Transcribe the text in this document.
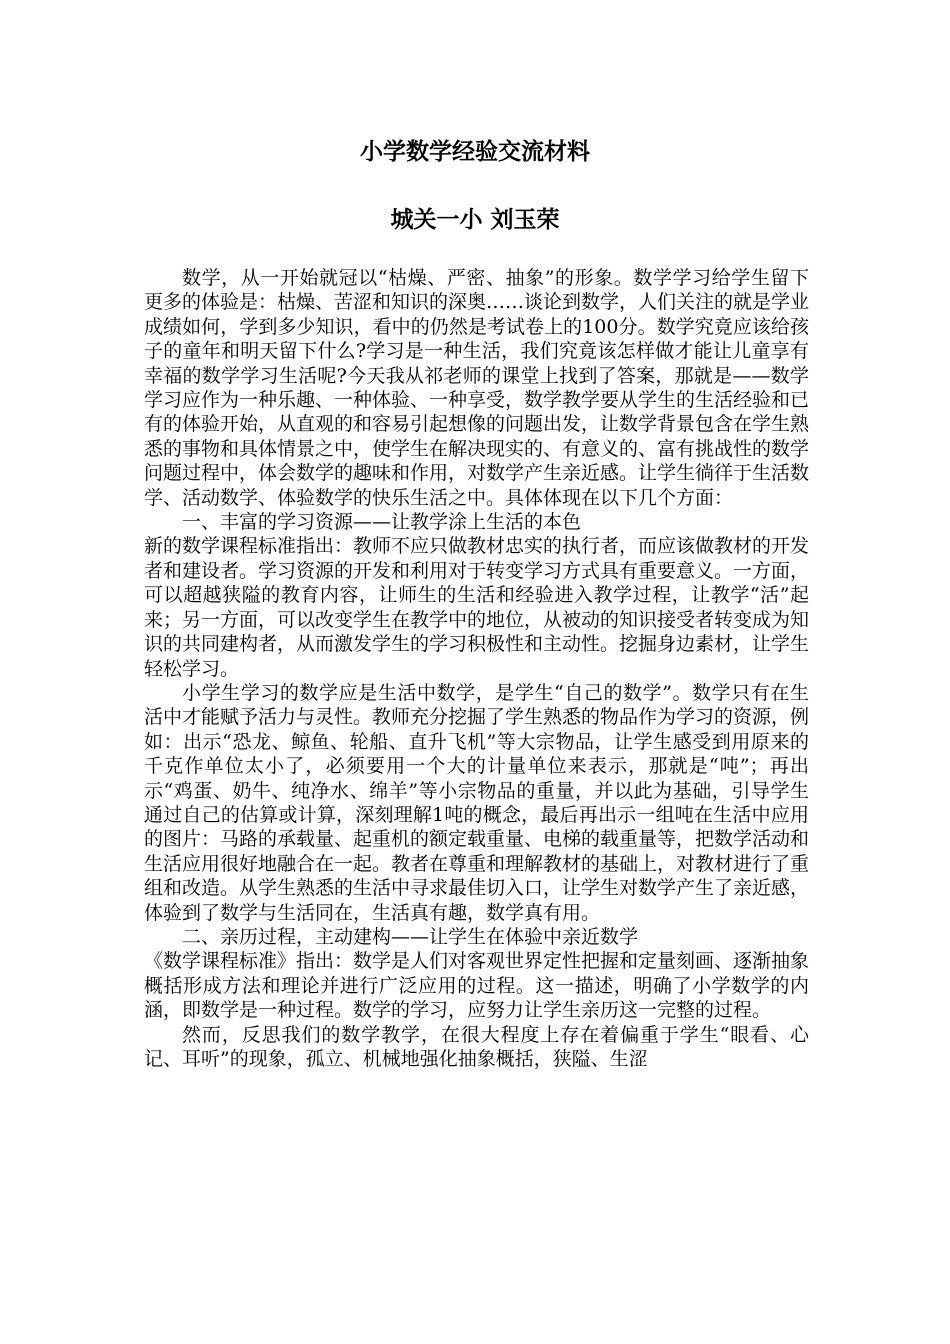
小学数学经验交流材料
城关一小 刘玉荣

数学，从一开始就冠以“枯燥、严密、抽象”的形象。数学学习给学生留下更多的体验是：枯燥、苦涩和知识的深奥……谈论到数学，人们关注的就是学业成绩如何，学到多少知识，看中的仍然是考试卷上的100分。数学究竟应该给孩子的童年和明天留下什么?学习是一种生活，我们究竟该怎样做才能让儿童享有幸福的数学学习生活呢?今天我从祁老师的课堂上找到了答案，那就是——数学学习应作为一种乐趣、一种体验、一种享受，数学教学要从学生的生活经验和已有的体验开始，从直观的和容易引起想像的问题出发，让数学背景包含在学生熟悉的事物和具体情景之中，使学生在解决现实的、有意义的、富有挑战性的数学问题过程中，体会数学的趣味和作用，对数学产生亲近感。让学生徜徉于生活数学、活动数学、体验数学的快乐生活之中。具体体现在以下几个方面：

一、丰富的学习资源——让教学涂上生活的本色

新的数学课程标准指出：教师不应只做教材忠实的执行者，而应该做教材的开发者和建设者。学习资源的开发和利用对于转变学习方式具有重要意义。一方面，可以超越狭隘的教育内容，让师生的生活和经验进入教学过程，让教学“活”起来；另一方面，可以改变学生在教学中的地位，从被动的知识接受者转变成为知识的共同建构者，从而激发学生的学习积极性和主动性。挖掘身边素材，让学生轻松学习。

小学生学习的数学应是生活中数学，是学生“自己的数学”。数学只有在生活中才能赋予活力与灵性。教师充分挖掘了学生熟悉的物品作为学习的资源，例如：出示“恐龙、鲸鱼、轮船、直升飞机”等大宗物品，让学生感受到用原来的千克作单位太小了，必须要用一个大的计量单位来表示，那就是“吨”；再出示“鸡蛋、奶牛、纯净水、绵羊”等小宗物品的重量，并以此为基础，引导学生通过自己的估算或计算，深刻理解1吨的概念，最后再出示一组吨在生活中应用的图片：马路的承载量、起重机的额定载重量、电梯的载重量等，把数学活动和生活应用很好地融合在一起。教者在尊重和理解教材的基础上，对教材进行了重组和改造。从学生熟悉的生活中寻求最佳切入口，让学生对数学产生了亲近感，体验到了数学与生活同在，生活真有趣，数学真有用。

二、亲历过程，主动建构——让学生在体验中亲近数学

《数学课程标准》指出：数学是人们对客观世界定性把握和定量刻画、逐渐抽象概括形成方法和理论并进行广泛应用的过程。这一描述，明确了小学数学的内涵，即数学是一种过程。数学的学习，应努力让学生亲历这一完整的过程。

然而，反思我们的数学教学，在很大程度上存在着偏重于学生“眼看、心记、耳听”的现象，孤立、机械地强化抽象概括，狭隘、生涩
